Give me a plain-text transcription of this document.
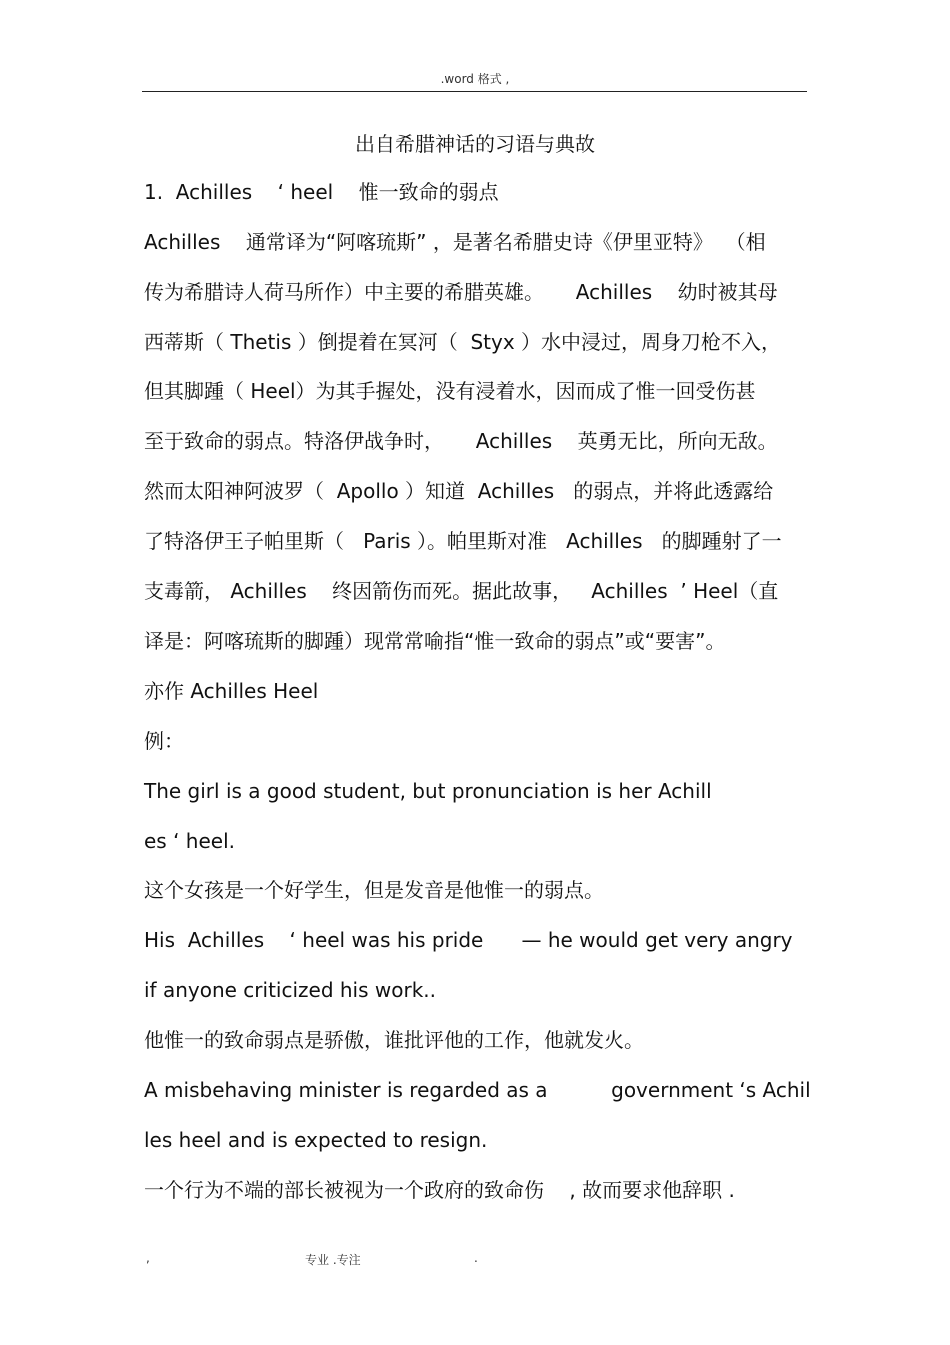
.word 格式 ,
出自希腊神话的习语与典故
1.  Achilles    ‘ heel    惟一致命的弱点
Achilles    通常译为“阿喀琉斯” ，是著名希腊史诗《伊里亚特》  （相
传为希腊诗人荷马所作）中主要的希腊英雄。     Achilles    幼时被其母
西蒂斯（ Thetis ）倒提着在冥河（  Styx ）水中浸过，周身刀枪不入，
但其脚踵（ Heel）为其手握处，没有浸着水，因而成了惟一回受伤甚
至于致命的弱点。特洛伊战争时，     Achilles    英勇无比，所向无敌。
然而太阳神阿波罗（  Apollo ）知道  Achilles   的弱点，并将此透露给
了特洛伊王子帕里斯（   Paris ）。帕里斯对准   Achilles   的脚踵射了一
支毒箭， Achilles    终因箭伤而死。据此故事，   Achilles  ’ Heel（直
译是：阿喀琉斯的脚踵）现常常喻指“惟一致命的弱点”或“要害”。
亦作 Achilles Heel
例：
The girl is a good student, but pronunciation is her Achill
es ‘ heel.
这个女孩是一个好学生，但是发音是他惟一的弱点。
His  Achilles    ‘ heel was his pride      — he would get very angry
if anyone criticized his work..
他惟一的致命弱点是骄傲，谁批评他的工作，他就发火。
A misbehaving minister is regarded as a          government ‘s Achil
les heel and is expected to resign.
一个行为不端的部长被视为一个政府的致命伤    , 故而要求他辞职 .
,	专业 .专注	.
